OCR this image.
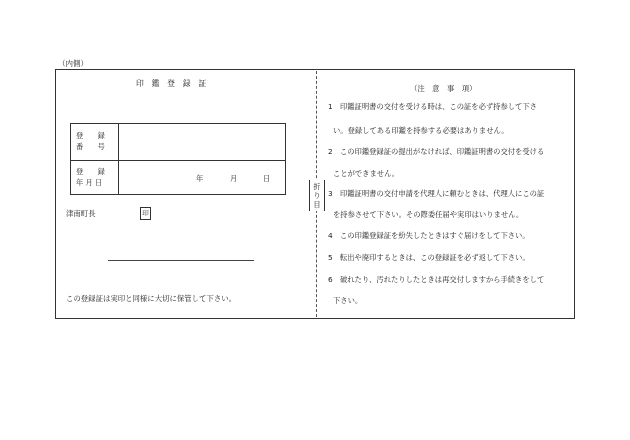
（内側）
折
り
目
印　鑑　登　録　証
登　　録
番　　号
登　　録
年 月 日	年	月	日
津南町長	印
この登録証は実印と同様に大切に保管して下さい。
（注　意　事　項）
1　印鑑証明書の交付を受ける時は、この証を必ず持参して下さ
い。登録してある印鑑を持参する必要はありません。
2　この印鑑登録証の提出がなければ、印鑑証明書の交付を受ける
ことができません。
3　印鑑証明書の交付申請を代理人に頼むときは、代理人にこの証
を持参させて下さい。その際委任届や実印はいりません。
4　この印鑑登録証を紛失したときはすぐ届けをして下さい。
5　転出や廃印するときは、この登録証を必ず返して下さい。
6　破れたり、汚れたりしたときは再交付しますから手続きをして
下さい。
